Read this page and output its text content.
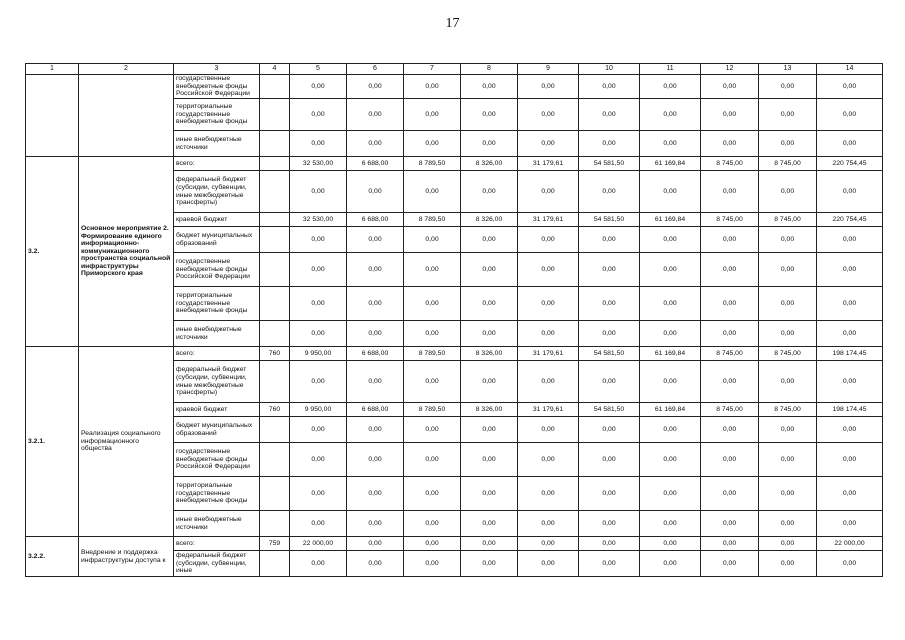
17
1	2	3	4	5	6	7	8	9	10	11	12	13	14
		государственные внебюджетные фонды Российской Федерации		0,00	0,00	0,00	0,00	0,00	0,00	0,00	0,00	0,00	0,00
		территориальные государственные внебюджетные фонды		0,00	0,00	0,00	0,00	0,00	0,00	0,00	0,00	0,00	0,00
		иные внебюджетные источники		0,00	0,00	0,00	0,00	0,00	0,00	0,00	0,00	0,00	0,00
3.2.	Основное мероприятие 2. Формирование единого информационно-коммуникационного пространства социальной инфраструктуры Приморского края	всего:		32 530,00	6 688,00	8 789,50	8 326,00	31 179,61	54 581,50	61 169,84	8 745,00	8 745,00	220 754,45
		федеральный бюджет (субсидии, субвенции, иные межбюджетные трансферты)		0,00	0,00	0,00	0,00	0,00	0,00	0,00	0,00	0,00	0,00
		краевой бюджет		32 530,00	6 688,00	8 789,50	8 326,00	31 179,61	54 581,50	61 169,84	8 745,00	8 745,00	220 754,45
		бюджет муниципальных образований		0,00	0,00	0,00	0,00	0,00	0,00	0,00	0,00	0,00	0,00
		государственные внебюджетные фонды Российской Федерации		0,00	0,00	0,00	0,00	0,00	0,00	0,00	0,00	0,00	0,00
		территориальные государственные внебюджетные фонды		0,00	0,00	0,00	0,00	0,00	0,00	0,00	0,00	0,00	0,00
		иные внебюджетные источники		0,00	0,00	0,00	0,00	0,00	0,00	0,00	0,00	0,00	0,00
3.2.1.	Реализация социального информационного общества	всего:	760	9 950,00	6 688,00	8 789,50	8 326,00	31 179,61	54 581,50	61 169,84	8 745,00	8 745,00	198 174,45
		федеральный бюджет (субсидии, субвенции, иные межбюджетные трансферты)		0,00	0,00	0,00	0,00	0,00	0,00	0,00	0,00	0,00	0,00
		краевой бюджет	760	9 950,00	6 688,00	8 789,50	8 326,00	31 179,61	54 581,50	61 169,84	8 745,00	8 745,00	198 174,45
		бюджет муниципальных образований		0,00	0,00	0,00	0,00	0,00	0,00	0,00	0,00	0,00	0,00
		государственные внебюджетные фонды Российской Федерации		0,00	0,00	0,00	0,00	0,00	0,00	0,00	0,00	0,00	0,00
		территориальные государственные внебюджетные фонды		0,00	0,00	0,00	0,00	0,00	0,00	0,00	0,00	0,00	0,00
		иные внебюджетные источники		0,00	0,00	0,00	0,00	0,00	0,00	0,00	0,00	0,00	0,00
3.2.2.	Внедрение и поддержка инфраструктуры доступа к	всего:	759	22 000,00	0,00	0,00	0,00	0,00	0,00	0,00	0,00	0,00	22 000,00
		федеральный бюджет (субсидии, субвенции, иные		0,00	0,00	0,00	0,00	0,00	0,00	0,00	0,00	0,00	0,00
